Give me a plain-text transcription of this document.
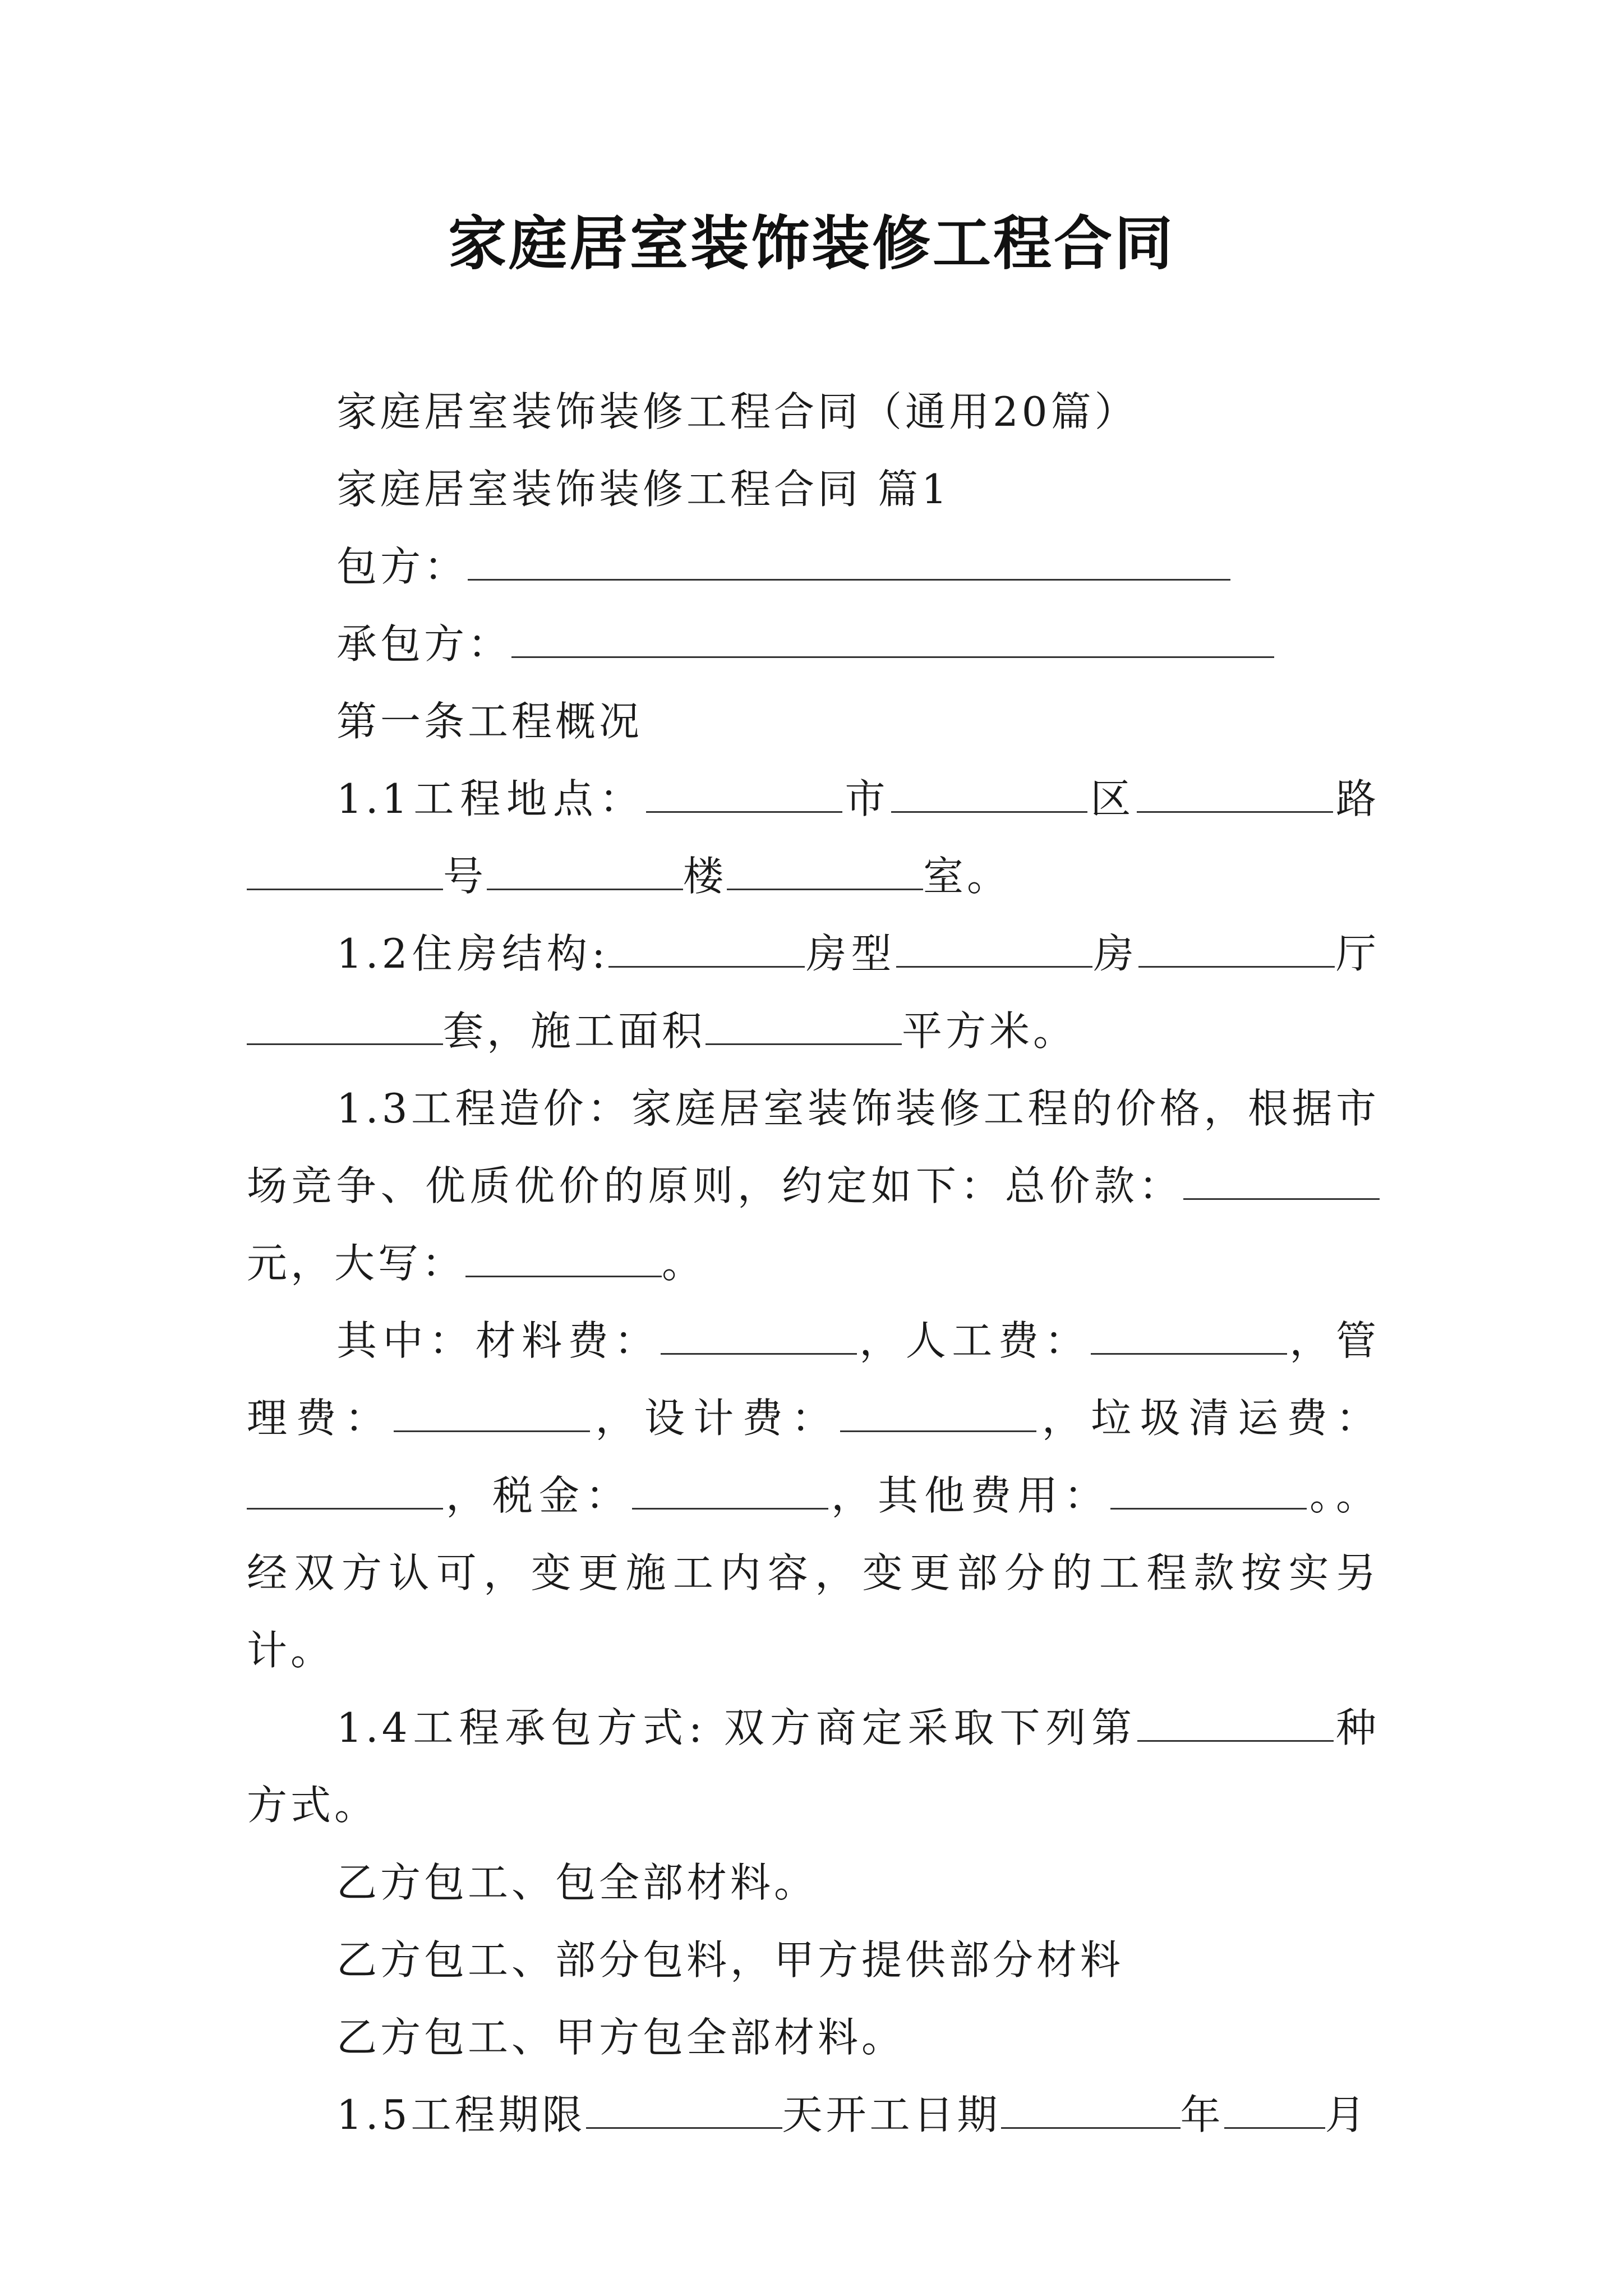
家庭居室装饰装修工程合同

家庭居室装饰装修工程合同（通用20篇）

家庭居室装饰装修工程合同 篇1

包方：

承包方：

第一条工程概况

1.1工程地点：	市	区	路号	楼	室。

1.2住房结构:	房型	房	厅套，施工面积	平方米。

1.3工程造价：家庭居室装饰装修工程的价格，根据市场竞争、优质优价的原则，约定如下：总价款：元，大写：	。

其中：材料费：	，人工费：	，管理费：	，设计费：	，垃圾清运费：，税金：	，其他费用：	。。经双方认可，变更施工内容，变更部分的工程款按实另计。

1.4工程承包方式: 双方商定采取下列第	种方式。

乙方包工、包全部材料。

乙方包工、部分包料，甲方提供部分材料

乙方包工、甲方包全部材料。

1.5工程期限	天开工日期	年	月
